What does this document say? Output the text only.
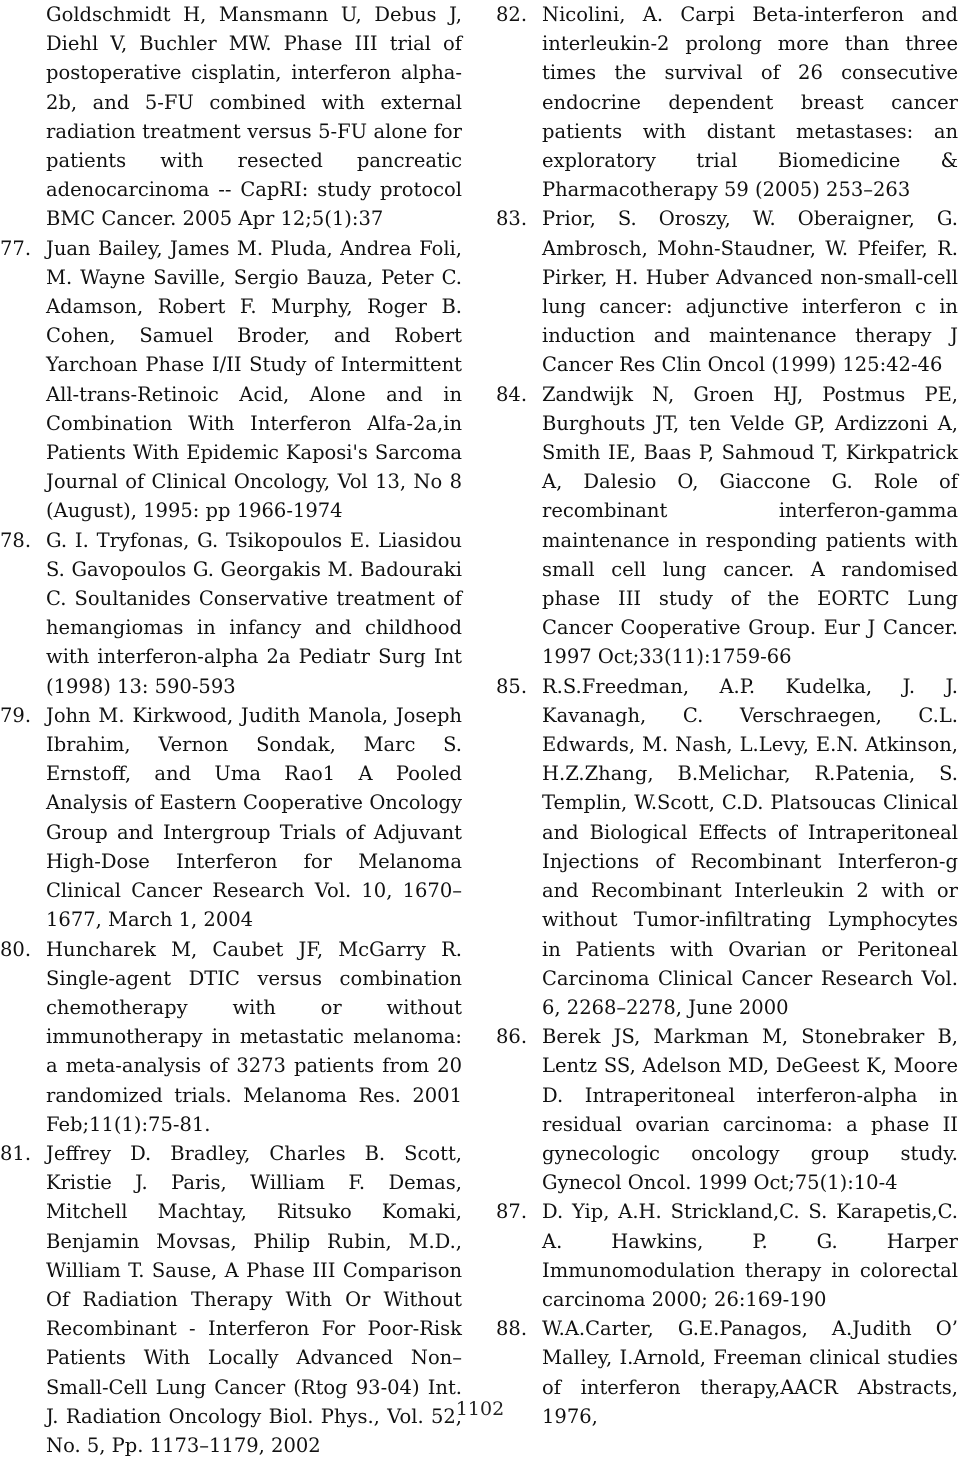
Goldschmidt H, Mansmann U, Debus J, Diehl V, Buchler MW. Phase III trial of postoperative cisplatin, interferon alpha-2b, and 5-FU combined with external radiation treatment versus 5-FU alone for patients with resected pancreatic adenocarcinoma -- CapRI: study protocol BMC Cancer. 2005 Apr 12;5(1):37

77. Juan Bailey, James M. Pluda, Andrea Foli, M. Wayne Saville, Sergio Bauza, Peter C. Adamson, Robert F. Murphy, Roger B. Cohen, Samuel Broder, and Robert Yarchoan Phase I/II Study of Intermittent All-trans-Retinoic Acid, Alone and in Combination With Interferon Alfa-2a,in Patients With Epidemic Kaposi's Sarcoma Journal of Clinical Oncology, Vol 13, No 8 (August), 1995: pp 1966-1974

78. G. I. Tryfonas, G. Tsikopoulos E. Liasidou S. Gavopoulos G. Georgakis M. Badouraki C. Soultanides Conservative treatment of hemangiomas in infancy and childhood with interferon-alpha 2a Pediatr Surg Int (1998) 13: 590-593

79. John M. Kirkwood, Judith Manola, Joseph Ibrahim, Vernon Sondak, Marc S. Ernstoff, and Uma Rao1 A Pooled Analysis of Eastern Cooperative Oncology Group and Intergroup Trials of Adjuvant High-Dose Interferon for Melanoma Clinical Cancer Research Vol. 10, 1670–1677, March 1, 2004

80. Huncharek M, Caubet JF, McGarry R. Single-agent DTIC versus combination chemotherapy with or without immunotherapy in metastatic melanoma: a meta-analysis of 3273 patients from 20 randomized trials. Melanoma Res. 2001 Feb;11(1):75-81.

81. Jeffrey D. Bradley, Charles B. Scott, Kristie J. Paris, William F. Demas, Mitchell Machtay, Ritsuko Komaki, Benjamin Movsas, Philip Rubin, M.D., William T. Sause, A Phase III Comparison Of Radiation Therapy With Or Without Recombinant - Interferon For Poor-Risk Patients With Locally Advanced Non–Small-Cell Lung Cancer (Rtog 93-04) Int. J. Radiation Oncology Biol. Phys., Vol. 52, No. 5, Pp. 1173–1179, 2002

82. Nicolini, A. Carpi Beta-interferon and interleukin-2 prolong more than three times the survival of 26 consecutive endocrine dependent breast cancer patients with distant metastases: an exploratory trial Biomedicine & Pharmacotherapy 59 (2005) 253–263

83. Prior, S. Oroszy, W. Oberaigner, G. Ambrosch, Mohn-Staudner, W. Pfeifer, R. Pirker, H. Huber Advanced non-small-cell lung cancer: adjunctive interferon c in induction and maintenance therapy J Cancer Res Clin Oncol (1999) 125:42-46

84. Zandwijk N, Groen HJ, Postmus PE, Burghouts JT, ten Velde GP, Ardizzoni A, Smith IE, Baas P, Sahmoud T, Kirkpatrick A, Dalesio O, Giaccone G. Role of recombinant interferon-gamma maintenance in responding patients with small cell lung cancer. A randomised phase III study of the EORTC Lung Cancer Cooperative Group. Eur J Cancer. 1997 Oct;33(11):1759-66

85. R.S.Freedman, A.P. Kudelka, J. J. Kavanagh, C. Verschraegen, C.L. Edwards, M. Nash, L.Levy, E.N. Atkinson, H.Z.Zhang, B.Melichar, R.Patenia, S. Templin, W.Scott, C.D. Platsoucas Clinical and Biological Effects of Intraperitoneal Injections of Recombinant Interferon-g and Recombinant Interleukin 2 with or without Tumor-infiltrating Lymphocytes in Patients with Ovarian or Peritoneal Carcinoma Clinical Cancer Research Vol. 6, 2268–2278, June 2000

86. Berek JS, Markman M, Stonebraker B, Lentz SS, Adelson MD, DeGeest K, Moore D. Intraperitoneal interferon-alpha in residual ovarian carcinoma: a phase II gynecologic oncology group study. Gynecol Oncol. 1999 Oct;75(1):10-4

87. D. Yip, A.H. Strickland,C. S. Karapetis,C. A. Hawkins, P. G. Harper Immunomodulation therapy in colorectal carcinoma 2000; 26:169-190

88. W.A.Carter, G.E.Panagos, A.Judith O’ Malley, I.Arnold, Freeman clinical studies of interferon therapy,AACR Abstracts, 1976,

1102
